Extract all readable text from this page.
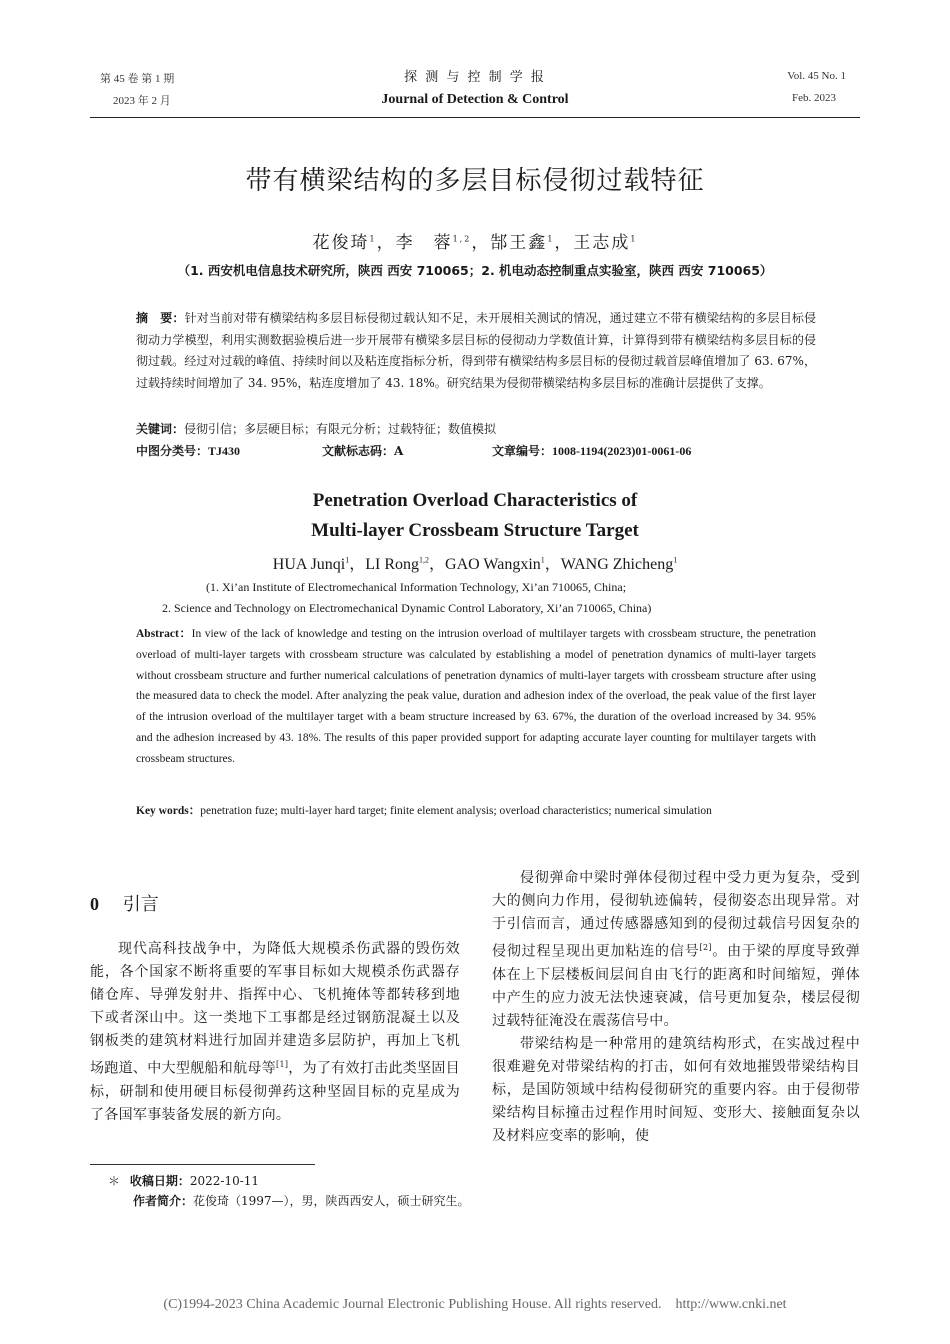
第 45 卷 第 1 期
2023 年 2 月
探 测 与 控 制 学 报
Journal of Detection & Control
Vol. 45 No. 1
Feb. 2023
带有横梁结构的多层目标侵彻过载特征
花俊琦$^1$，李　蓉$^{1,2}$，郜王鑫$^1$，王志成$^1$
（1. 西安机电信息技术研究所，陕西 西安 710065；2. 机电动态控制重点实验室，陕西 西安 710065）
摘　要：针对当前对带有横梁结构多层目标侵彻过载认知不足，未开展相关测试的情况，通过建立不带有横梁结构的多层目标侵彻动力学模型，利用实测数据验模后进一步开展带有横梁多层目标的侵彻动力学数值计算，计算得到带有横梁结构多层目标的侵彻过载。经过对过载的峰值、持续时间以及粘连度指标分析，得到带有横梁结构多层目标的侵彻过载首层峰值增加了 63. 67%，过载持续时间增加了 34. 95%，粘连度增加了 43. 18%。研究结果为侵彻带横梁结构多层目标的准确计层提供了支撑。
关键词：侵彻引信；多层硬目标；有限元分析；过载特征；数值模拟
中图分类号：TJ430	文献标志码：A	文章编号：1008-1194(2023)01-0061-06
Penetration Overload Characteristics of
Multi-layer Crossbeam Structure Target
HUA Junqi$^1$，LI Rong$^{1,2}$，GAO Wangxin$^1$，WANG Zhicheng$^1$
(1. Xi’an Institute of Electromechanical Information Technology, Xi’an 710065, China;
2. Science and Technology on Electromechanical Dynamic Control Laboratory, Xi’an 710065, China)
Abstract：In view of the lack of knowledge and testing on the intrusion overload of multilayer targets with crossbeam structure, the penetration overload of multi-layer targets with crossbeam structure was calculated by establishing a model of penetration dynamics of multi-layer targets without crossbeam structure and further numerical calculations of penetration dynamics of multi-layer targets with crossbeam structure after using the measured data to check the model. After analyzing the peak value, duration and adhesion index of the overload, the peak value of the first layer of the intrusion overload of the multilayer target with a beam structure increased by 63. 67%, the duration of the overload increased by 34. 95% and the adhesion increased by 43. 18%. The results of this paper provided support for adapting accurate layer counting for multilayer targets with crossbeam structures.
Key words：penetration fuze; multi-layer hard target; finite element analysis; overload characteristics; numerical simulation
0 引言
现代高科技战争中，为降低大规模杀伤武器的毁伤效能，各个国家不断将重要的军事目标如大规模杀伤武器存储仓库、导弹发射井、指挥中心、飞机掩体等都转移到地下或者深山中。这一类地下工事都是经过钢筋混凝土以及钢板类的建筑材料进行加固并建造多层防护，再加上飞机场跑道、中大型舰船和航母等[1]，为了有效打击此类坚固目标，研制和使用硬目标侵彻弹药这种坚固目标的克星成为了各国军事装备发展的新方向。
侵彻弹命中梁时弹体侵彻过程中受力更为复杂，受到大的侧向力作用，侵彻轨迹偏转，侵彻姿态出现异常。对于引信而言，通过传感器感知到的侵彻过载信号因复杂的侵彻过程呈现出更加粘连的信号[2]。由于梁的厚度导致弹体在上下层楼板间层间自由飞行的距离和时间缩短，弹体中产生的应力波无法快速衰减，信号更加复杂，楼层侵彻过载特征淹没在震荡信号中。
带梁结构是一种常用的建筑结构形式，在实战过程中很难避免对带梁结构的打击，如何有效地摧毁带梁结构目标，是国防领域中结构侵彻研究的重要内容。由于侵彻带梁结构目标撞击过程作用时间短、变形大、接触面复杂以及材料应变率的影响，使
＊ 收稿日期：2022-10-11
作者简介：花俊琦（1997—），男，陕西西安人，硕士研究生。
(C)1994-2023 China Academic Journal Electronic Publishing House. All rights reserved.    http://www.cnki.net
